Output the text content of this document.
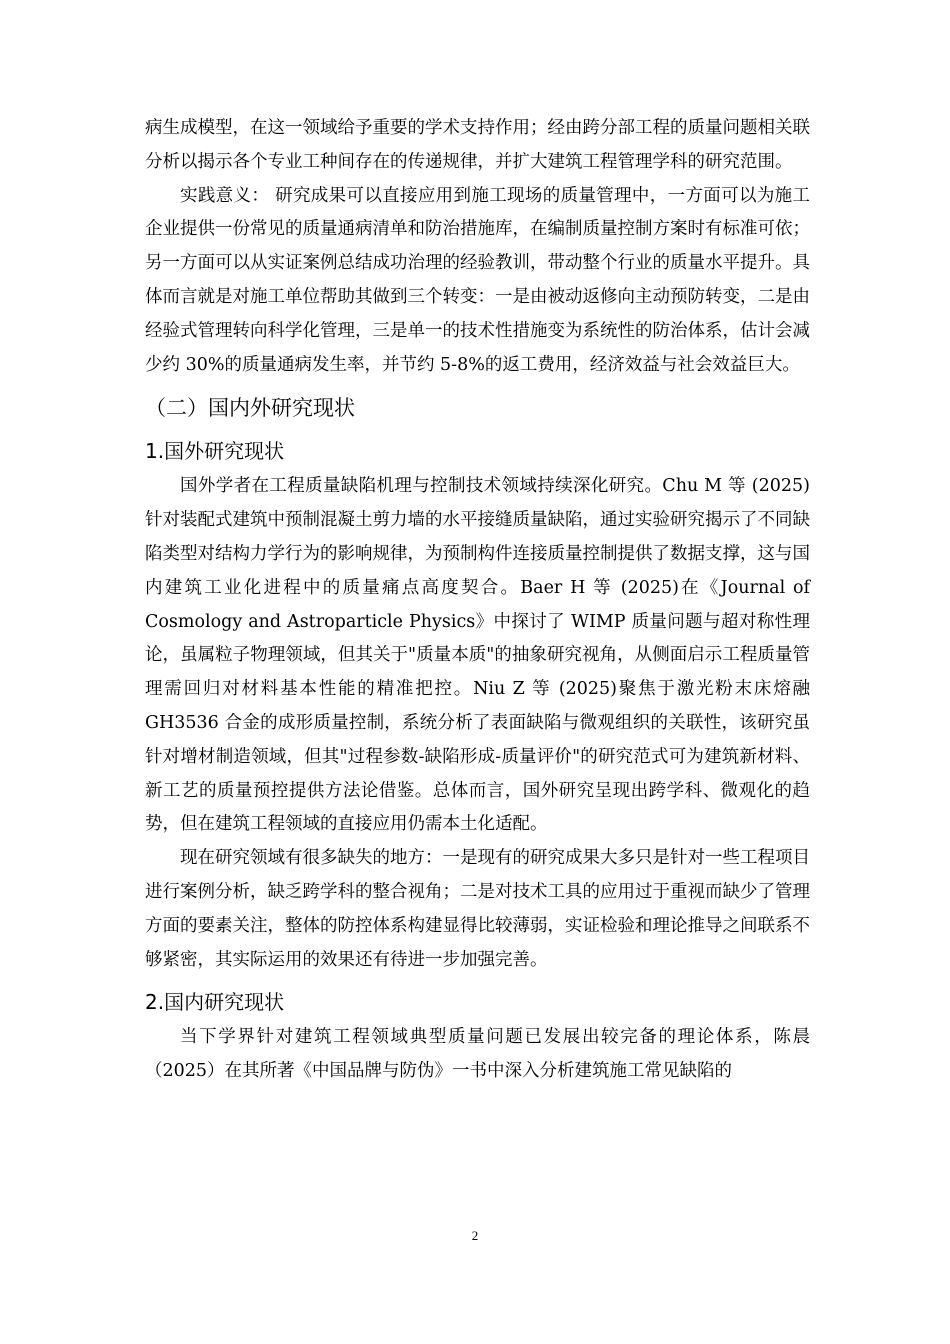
病生成模型，在这一领域给予重要的学术支持作用；经由跨分部工程的质量问题相关联分析以揭示各个专业工种间存在的传递规律，并扩大建筑工程管理学科的研究范围。

实践意义： 研究成果可以直接应用到施工现场的质量管理中，一方面可以为施工企业提供一份常见的质量通病清单和防治措施库，在编制质量控制方案时有标准可依；另一方面可以从实证案例总结成功治理的经验教训，带动整个行业的质量水平提升。具体而言就是对施工单位帮助其做到三个转变：一是由被动返修向主动预防转变，二是由经验式管理转向科学化管理，三是单一的技术性措施变为系统性的防治体系，估计会减少约 30%的质量通病发生率，并节约 5-8%的返工费用，经济效益与社会效益巨大。

（二）国内外研究现状
1.国外研究现状

国外学者在工程质量缺陷机理与控制技术领域持续深化研究。Chu M 等 (2025)针对装配式建筑中预制混凝土剪力墙的水平接缝质量缺陷，通过实验研究揭示了不同缺陷类型对结构力学行为的影响规律，为预制构件连接质量控制提供了数据支撑，这与国内建筑工业化进程中的质量痛点高度契合。Baer H 等 (2025)在《Journal of Cosmology and Astroparticle Physics》中探讨了 WIMP 质量问题与超对称性理论，虽属粒子物理领域，但其关于"质量本质"的抽象研究视角，从侧面启示工程质量管理需回归对材料基本性能的精准把控。Niu Z 等 (2025)聚焦于激光粉末床熔融 GH3536 合金的成形质量控制，系统分析了表面缺陷与微观组织的关联性，该研究虽针对增材制造领域，但其"过程参数-缺陷形成-质量评价"的研究范式可为建筑新材料、新工艺的质量预控提供方法论借鉴。总体而言，国外研究呈现出跨学科、微观化的趋势，但在建筑工程领域的直接应用仍需本土化适配。

现在研究领域有很多缺失的地方：一是现有的研究成果大多只是针对一些工程项目进行案例分析，缺乏跨学科的整合视角；二是对技术工具的应用过于重视而缺少了管理方面的要素关注，整体的防控体系构建显得比较薄弱，实证检验和理论推导之间联系不够紧密，其实际运用的效果还有待进一步加强完善。

2.国内研究现状

当下学界针对建筑工程领域典型质量问题已发展出较完备的理论体系，陈晨（2025）在其所著《中国品牌与防伪》一书中深入分析建筑施工常见缺陷的

2
